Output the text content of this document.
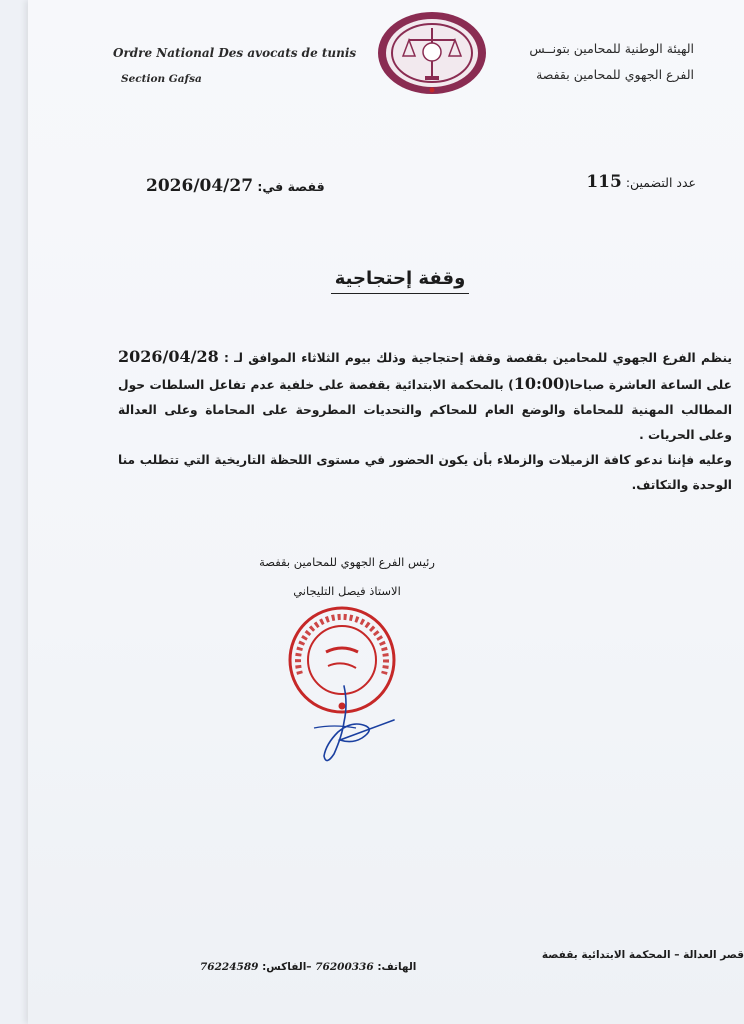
Ordre National Des avocats de tunis
Section Gafsa
الهيئة الوطنية للمحامين بتونــس
الفرع الجهوي للمحامين بقفصة
عدد التضمين: 115
قفصة في: 2026/04/27
وقفة إحتجاجية

ينظم الفرع الجهوي للمحامين بقفصة وقفة إحتجاجية وذلك بيوم الثلاثاء الموافق لـ : 2026/04/28 على الساعة العاشرة صباحا(10:00) بالمحكمة الابتدائية بقفصة على خلفية عدم تفاعل السلطات حول المطالب المهنية للمحاماة والوضع العام للمحاكم والتحديات المطروحة على المحاماة وعلى العدالة وعلى الحريات .

وعليه فإننا ندعو كافة الزميلات والزملاء بأن يكون الحضور في مستوى اللحظة التاريخية التي تتطلب منا الوحدة والتكاتف.

رئيس الفرع الجهوي للمحامين بقفصة
الاستاذ فيصل التليجاني
قصر العدالة – المحكمة الابتدائية بقفصة
الهاتف: 76200336 –الفاكس: 76224589
